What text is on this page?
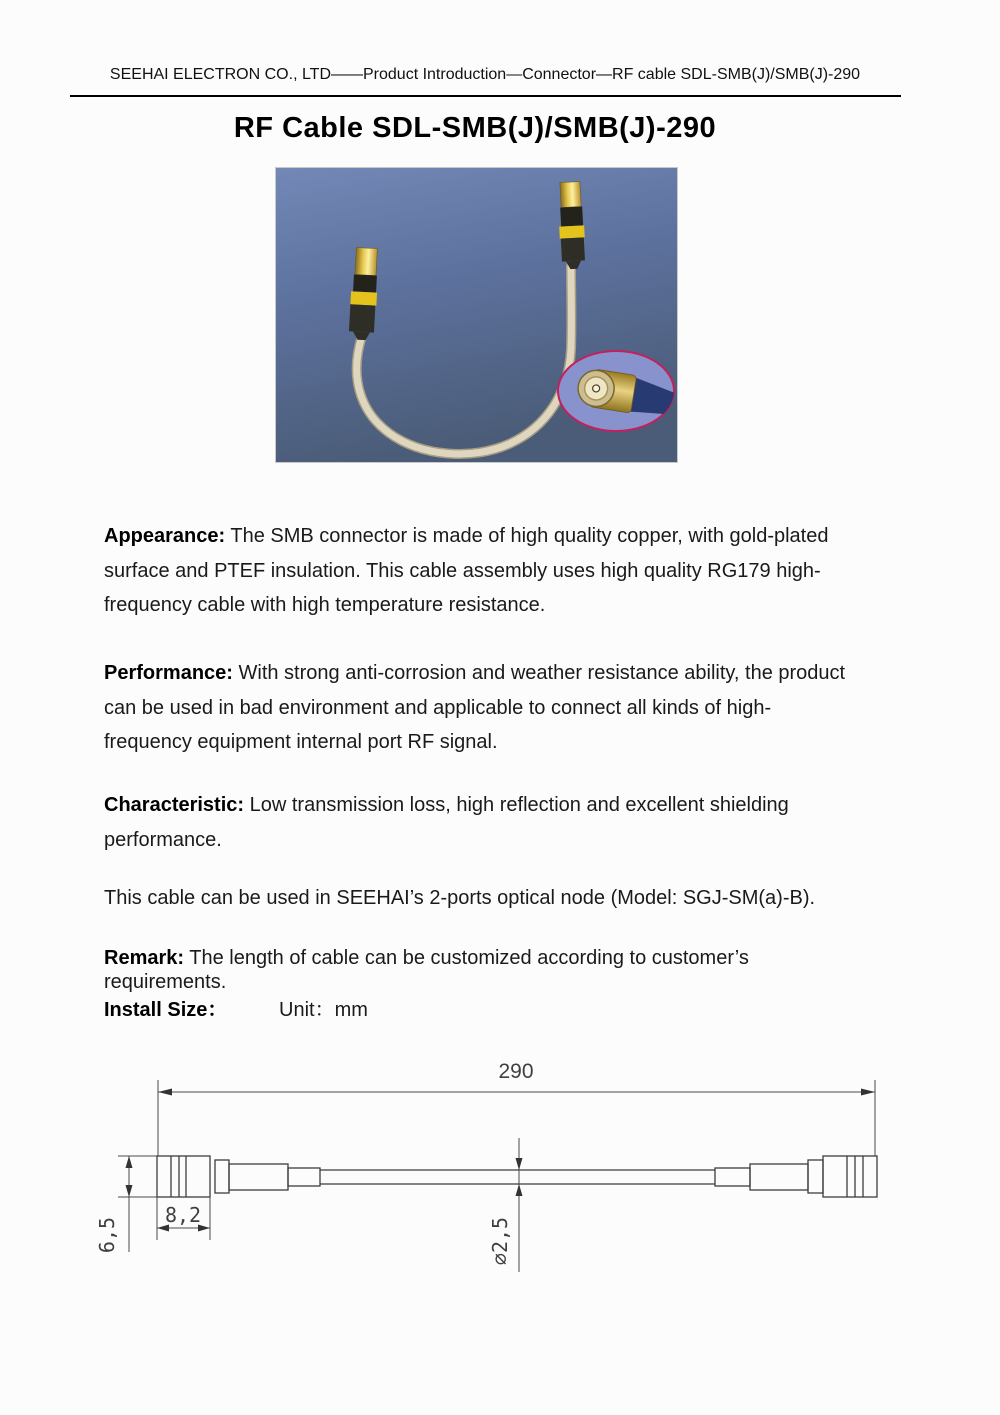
SEEHAI ELECTRON CO., LTD——Product Introduction—Connector—RF cable SDL-SMB(J)/SMB(J)-290
RF Cable SDL-SMB(J)/SMB(J)-290

Appearance: The SMB connector is made of high quality copper, with gold-plated surface and PTEF insulation. This cable assembly uses high quality RG179 high-frequency cable with high temperature resistance.

Performance: With strong anti-corrosion and weather resistance ability, the product can be used in bad environment and applicable to connect all kinds of high-frequency equipment internal port RF signal.

Characteristic: Low transmission loss, high reflection and excellent shielding performance.

This cable can be used in SEEHAI’s 2-ports optical node (Model: SGJ-SM(a)-B).

Remark: The length of cable can be customized according to customer’s requirements.

Install Size：	Unit：mm
290
6,5
8,2
∅2,5
